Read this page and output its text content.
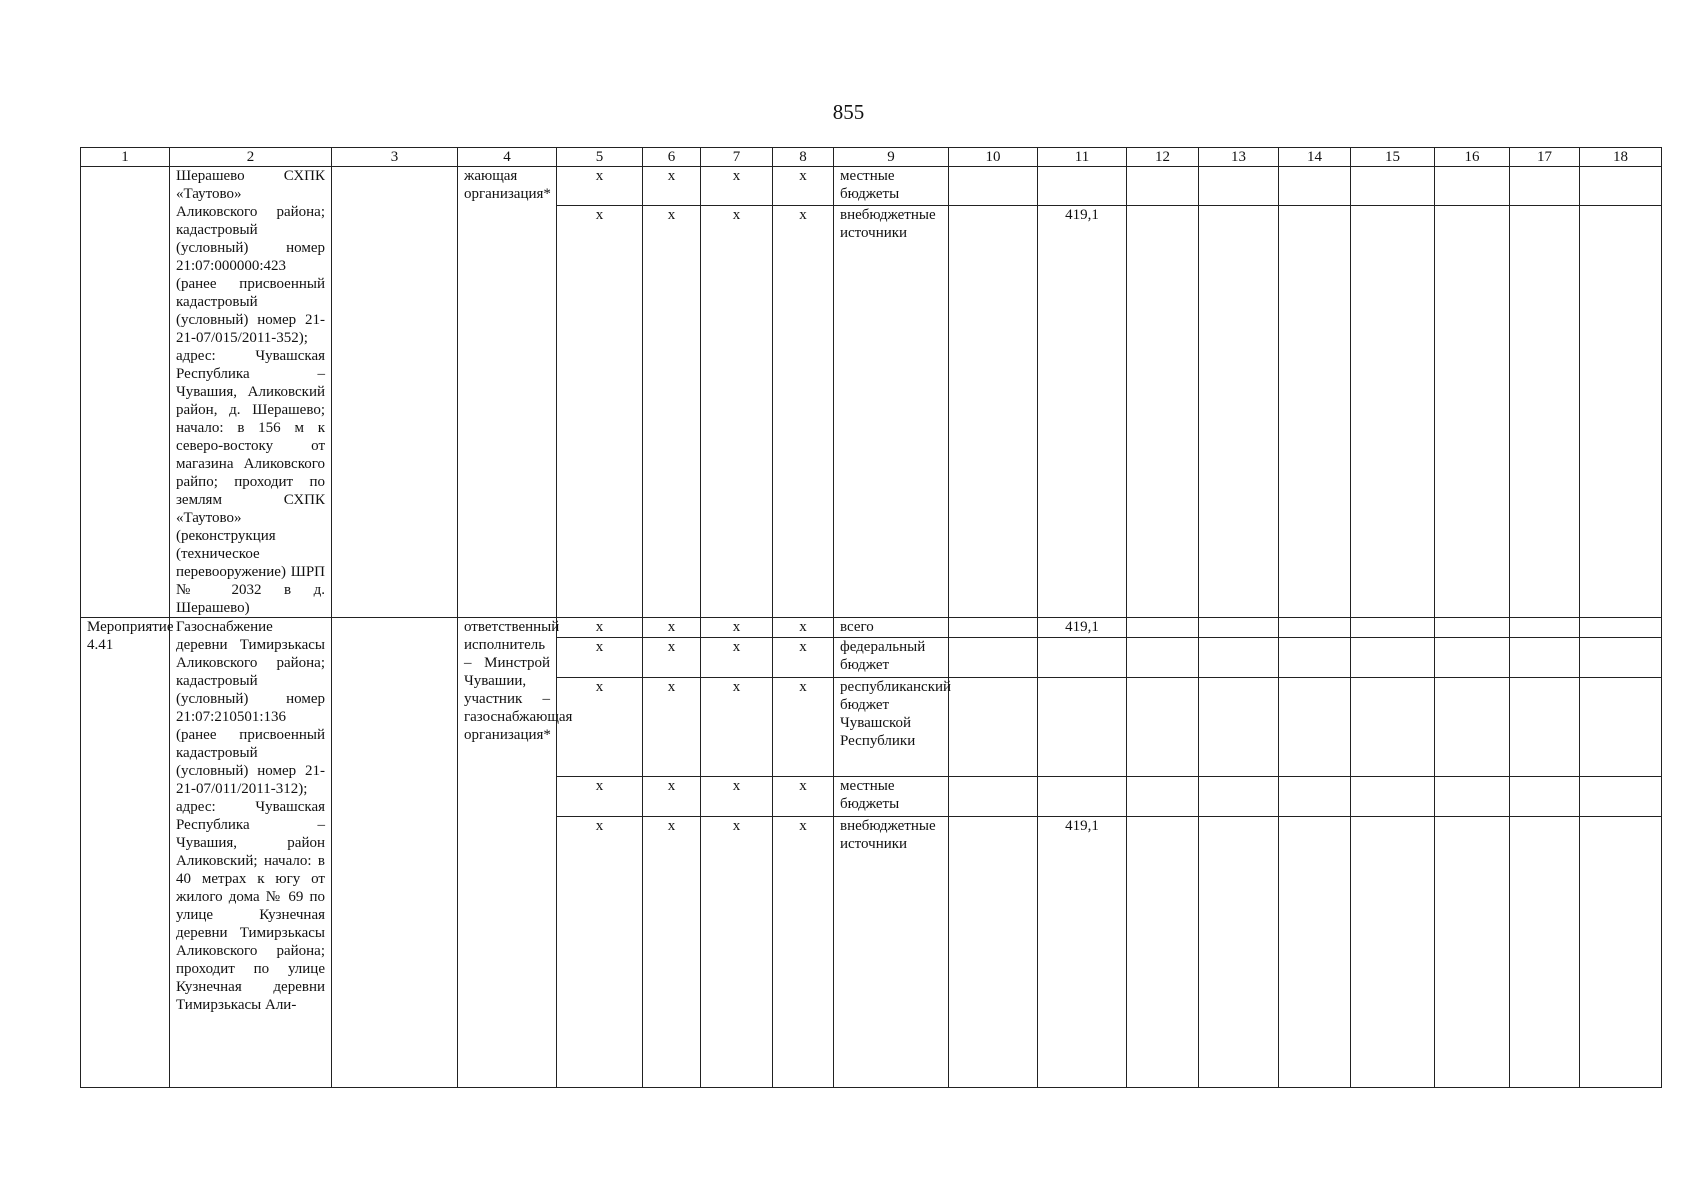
855
1	2	3	4	5	6	7	8	9	10	11	12	13	14	15	16	17	18
	Шерашево СХПК «Таутово» Аликовского района; кадастровый (условный) номер 21:07:000000:423 (ранее присвоенный кадастровый (условный) номер 21-21-07/015/2011-352); адрес: Чувашская Республика – Чувашия, Аликовский район, д. Шерашево; начало: в 156 м к северо-востоку от магазина Аликовского райпо; проходит по землям СХПК «Таутово» (реконструкция (техническое перевооружение) ШРП № 2032 в д. Шерашево)		жающая организация*	х	х	х	х	местные бюджеты									
				х	х	х	х	внебюджетные источники		419,1							
Мероприятие 4.41	Газоснабжение деревни Тимирзькасы Аликовского района; кадастровый (условный) номер 21:07:210501:136 (ранее присвоенный кадастровый (условный) номер 21-21-07/011/2011-312); адрес: Чувашская Республика – Чувашия, район Аликовский; начало: в 40 метрах к югу от жилого дома № 69 по улице Кузнечная деревни Тимирзькасы Аликовского района; проходит по улице Кузнечная деревни Тимирзькасы Али-		ответственный исполнитель – Минстрой Чувашии, участник – газоснабжающая организация*	х	х	х	х	всего		419,1							
				х	х	х	х	федеральный бюджет									
				х	х	х	х	республиканский бюджет Чувашской Республики									
				х	х	х	х	местные бюджеты									
				х	х	х	х	внебюджетные источники		419,1							
